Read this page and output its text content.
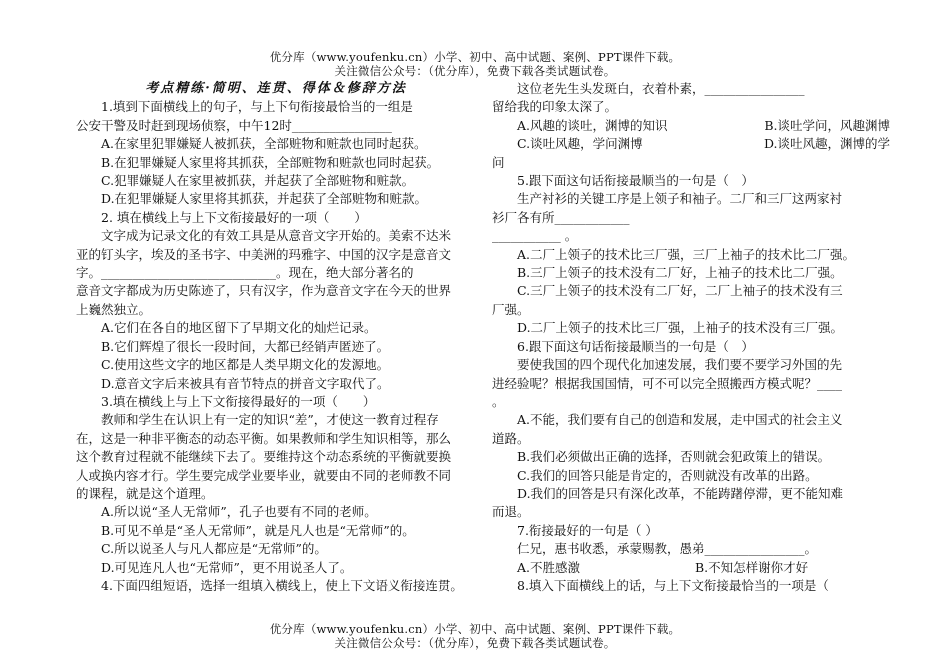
优分库（www.youfenku.cn）小学、初中、高中试题、案例、PPT课件下载。
关注微信公众号：（优分库），免费下载各类试题试卷。

考点精练·简明、连贯、得体＆修辞方法

1.填到下面横线上的句子，与上下句衔接最恰当的一组是

公安干警及时赶到现场侦察，中午12时________________

A.在家里犯罪嫌疑人被抓获，全部赃物和赃款也同时起获。

B.在犯罪嫌疑人家里将其抓获，全部赃物和赃款也同时起获。

C.犯罪嫌疑人在家里被抓获，并起获了全部赃物和赃款。

D.在犯罪嫌疑人家里将其抓获，并起获了全部赃物和赃款。

2. 填在横线上与上下文衔接最好的一项（　　）

文字成为记录文化的有效工具是从意音文字开始的。美索不达米

亚的钉头字，埃及的圣书字、中美洲的玛雅字、中国的汉字是意音文

字。____________________________。现在，绝大部分著名的

意音文字都成为历史陈迹了，只有汉字，作为意音文字在今天的世界

上巍然独立。

A.它们在各自的地区留下了早期文化的灿烂记录。

B.它们辉煌了很长一段时间，大都已经销声匿迹了。

C.使用这些文字的地区都是人类早期文化的发源地。

D.意音文字后来被具有音节特点的拼音文字取代了。

3.填在横线上与上下文衔接得最好的一项（　　）

教师和学生在认识上有一定的知识“差”，才使这一教育过程存

在，这是一种非平衡态的动态平衡。如果教师和学生知识相等，那么

这个教育过程就不能继续下去了。要维持这个动态系统的平衡就要换

人或换内容才行。学生要完成学业要毕业，就要由不同的老师教不同

的课程，就是这个道理。

A.所以说“圣人无常师”，孔子也要有不同的老师。

B.可见不单是“圣人无常师”，就是凡人也是“无常师”的。

C.所以说圣人与凡人都应是“无常师”的。

D.可见连凡人也“无常师”，更不用说圣人了。

4.下面四组短语，选择一组填入横线上，使上下文语义衔接连贯。

这位老先生头发斑白，衣着朴素，________________

留给我的印象太深了。

A.风趣的谈吐，渊博的知识	B.谈吐学问，风趣渊博
C.谈吐风趣，学问渊博	D.谈吐风趣，渊博的学

问

5.跟下面这句话衔接最顺当的一句是（　）

生产衬衫的关键工序是上领子和袖子。二厂和三厂这两家衬

衫厂各有所____________

___________ 。

A.二厂上领子的技术比三厂强，三厂上袖子的技术比二厂强。

B.三厂上领子的技术没有二厂好，上袖子的技术比二厂强。

C.三厂上领子的技术没有二厂好，二厂上袖子的技术没有三

厂强。

D.二厂上领子的技术比三厂强，上袖子的技术没有三厂强。

6.跟下面这句话衔接最顺当的一句是（　）

要使我国的四个现代化加速发展，我们要不要学习外国的先

进经验呢？根据我国国情，可不可以完全照搬西方模式呢？____

。

A.不能，我们要有自己的创造和发展，走中国式的社会主义

道路。

B.我们必须做出正确的选择，否则就会犯政策上的错误。

C.我们的回答只能是肯定的，否则就没有改革的出路。

D.我们的回答是只有深化改革，不能踌躇停滞，更不能知难

而退。

7.衔接最好的一句是（ ）

仁兄，惠书收悉，承蒙赐教，愚弟________________。

A.不胜感激	B.不知怎样谢你才好

8.填入下面横线上的话，与上下文衔接最恰当的一项是（

优分库（www.youfenku.cn）小学、初中、高中试题、案例、PPT课件下载。
关注微信公众号：（优分库），免费下载各类试题试卷。
